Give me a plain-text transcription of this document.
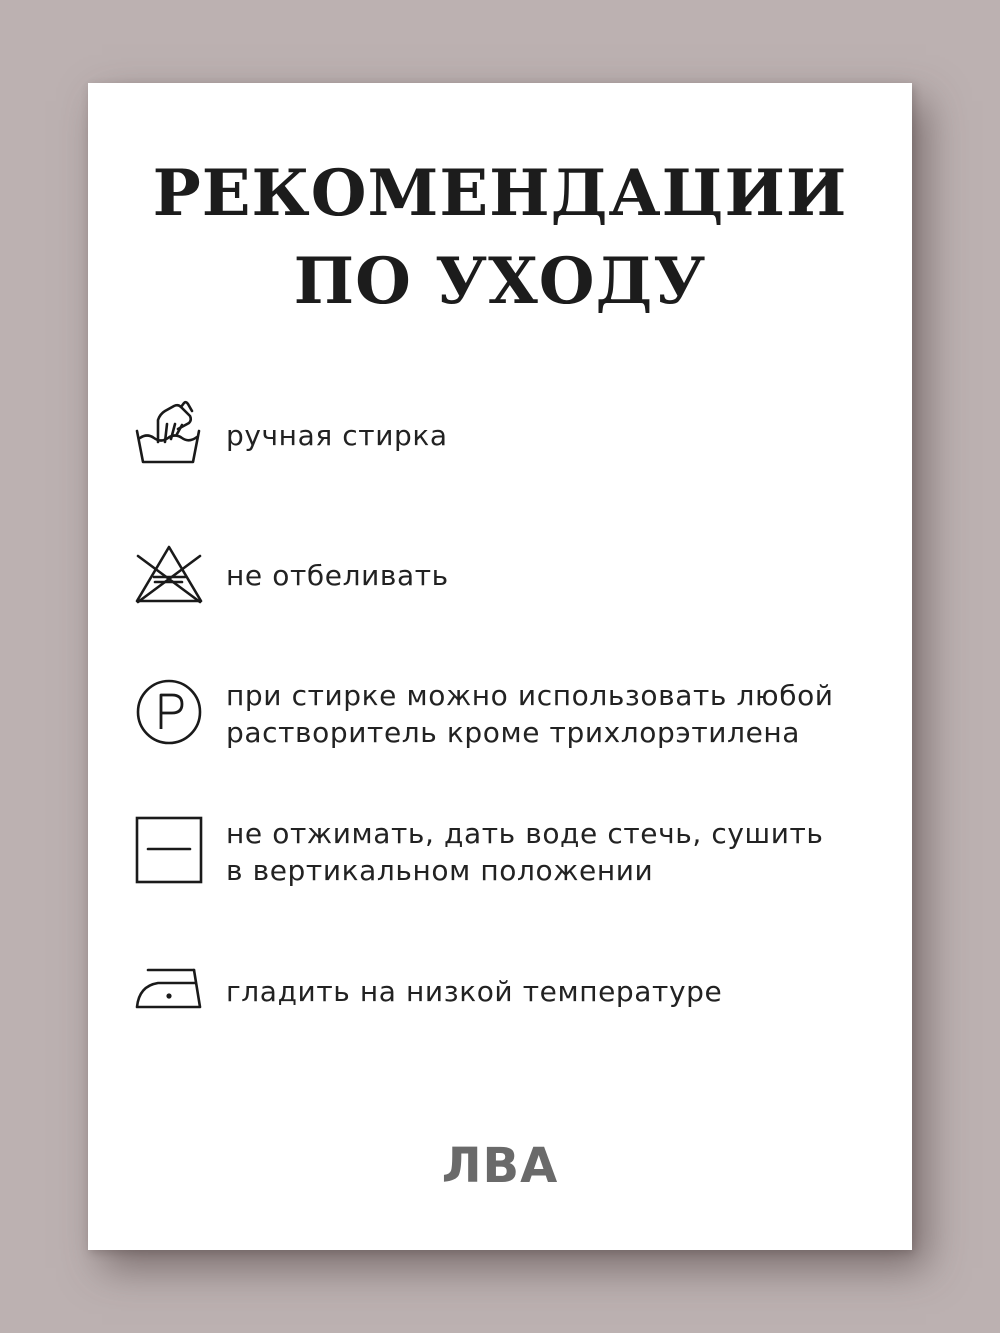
РЕКОМЕНДАЦИИ
ПО УХОДУ
ручная стирка
не отбеливать
при стирке можно использовать любой
растворитель кроме трихлорэтилена
не отжимать, дать воде стечь, сушить
в вертикальном положении
гладить на низкой температуре
ЛВА
